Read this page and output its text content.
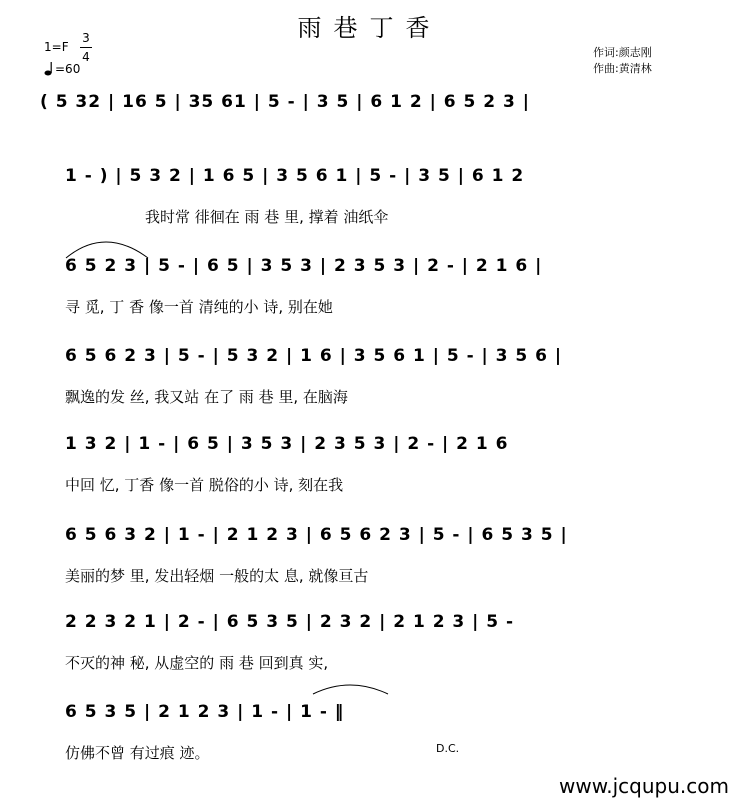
雨巷丁香
1=F
3
4
=60
作词:颜志刚
作曲:黄清林
( 5 32 | 16 5 | 35 61 | 5 - | 3 5 | 6 1 2 | 6 5 2 3 |
1 - ) | 5 3 2 | 1 6 5 | 3 5 6 1 | 5 - | 3 5 | 6 1 2
我时常 徘徊在 雨 巷 里, 撑着 油纸伞
6 5 2 3 | 5 - | 6 5 | 3 5 3 | 2 3 5 3 | 2 - | 2 1 6 |
寻 觅, 丁 香 像一首 清纯的小 诗, 别在她
6 5 6 2 3 | 5 - | 5 3 2 | 1 6 | 3 5 6 1 | 5 - | 3 5 6 |
飘逸的发 丝, 我又站 在了 雨 巷 里, 在脑海
1 3 2 | 1 - | 6 5 | 3 5 3 | 2 3 5 3 | 2 - | 2 1 6
中回 忆, 丁香 像一首 脱俗的小 诗, 刻在我
6 5 6 3 2 | 1 - | 2 1 2 3 | 6 5 6 2 3 | 5 - | 6 5 3 5 |
美丽的梦 里, 发出轻烟 一般的太 息, 就像亘古
2 2 3 2 1 | 2 - | 6 5 3 5 | 2 3 2 | 2 1 2 3 | 5 -
不灭的神 秘, 从虚空的 雨 巷 回到真 实,
6 5 3 5 | 2 1 2 3 | 1 - | 1 - ‖
仿佛不曾 有过痕 迹。	D.C.
www.jcqupu.com
